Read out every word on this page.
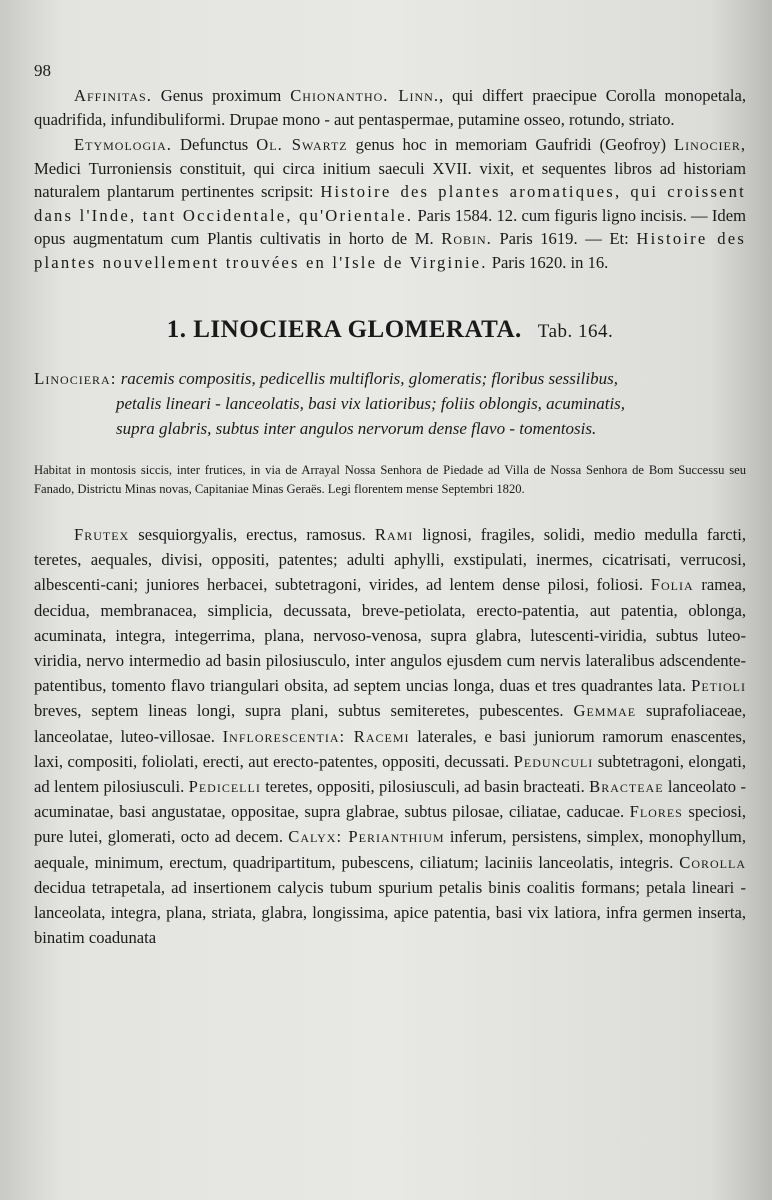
98

Affinitas. Genus proximum Chionantho. Linn., qui differt praecipue Corolla monopetala, quadrifida, infundibuliformi. Drupae mono - aut pentaspermae, putamine osseo, rotundo, striato.

Etymologia. Defunctus Ol. Swartz genus hoc in memoriam Gaufridi (Geofroy) Linocier, Medici Turroniensis constituit, qui circa initium saeculi XVII. vixit, et sequentes libros ad historiam naturalem plantarum pertinentes scripsit: Histoire des plantes aromatiques, qui croissent dans l'Inde, tant Occidentale, qu'Orientale. Paris 1584. 12. cum figuris ligno incisis. — Idem opus augmentatum cum Plantis cultivatis in horto de M. Robin. Paris 1619. — Et: Histoire des plantes nouvellement trouvées en l'Isle de Virginie. Paris 1620. in 16.

1. LINOCIERA GLOMERATA. Tab. 164.
Linociera: racemis compositis, pedicellis multifloris, glomeratis; floribus sessilibus,
petalis lineari - lanceolatis, basi vix latioribus; foliis oblongis, acuminatis,
supra glabris, subtus inter angulos nervorum dense flavo - tomentosis.

Habitat in montosis siccis, inter frutices, in via de Arrayal Nossa Senhora de Piedade ad Villa de Nossa Senhora de Bom Successu seu Fanado, Districtu Minas novas, Capitaniae Minas Geraës. Legi florentem mense Septembri 1820.

Frutex sesquiorgyalis, erectus, ramosus. Rami lignosi, fragiles, solidi, medio medulla farcti, teretes, aequales, divisi, oppositi, patentes; adulti aphylli, exstipulati, inermes, cicatrisati, verrucosi, albescenti-cani; juniores herbacei, subtetragoni, virides, ad lentem dense pilosi, foliosi. Folia ramea, decidua, membranacea, simplicia, decussata, breve-petiolata, erecto-patentia, aut patentia, oblonga, acuminata, integra, integerrima, plana, nervoso-venosa, supra glabra, lutescenti-viridia, subtus luteo-viridia, nervo intermedio ad basin pilosiusculo, inter angulos ejusdem cum nervis lateralibus adscendente-patentibus, tomento flavo triangulari obsita, ad septem uncias longa, duas et tres quadrantes lata. Petioli breves, septem lineas longi, supra plani, subtus semiteretes, pubescentes. Gemmae suprafoliaceae, lanceolatae, luteo-villosae. Inflorescentia: Racemi laterales, e basi juniorum ramorum enascentes, laxi, compositi, foliolati, erecti, aut erecto-patentes, oppositi, decussati. Pedunculi subtetragoni, elongati, ad lentem pilosiusculi. Pedicelli teretes, oppositi, pilosiusculi, ad basin bracteati. Bracteae lanceolato - acuminatae, basi angustatae, oppositae, supra glabrae, subtus pilosae, ciliatae, caducae. Flores speciosi, pure lutei, glomerati, octo ad decem. Calyx: Perianthium inferum, persistens, simplex, monophyllum, aequale, minimum, erectum, quadripartitum, pubescens, ciliatum; laciniis lanceolatis, integris. Corolla decidua tetrapetala, ad insertionem calycis tubum spurium petalis binis coalitis formans; petala lineari - lanceolata, integra, plana, striata, glabra, longissima, apice patentia, basi vix latiora, infra germen inserta, binatim coadunata
